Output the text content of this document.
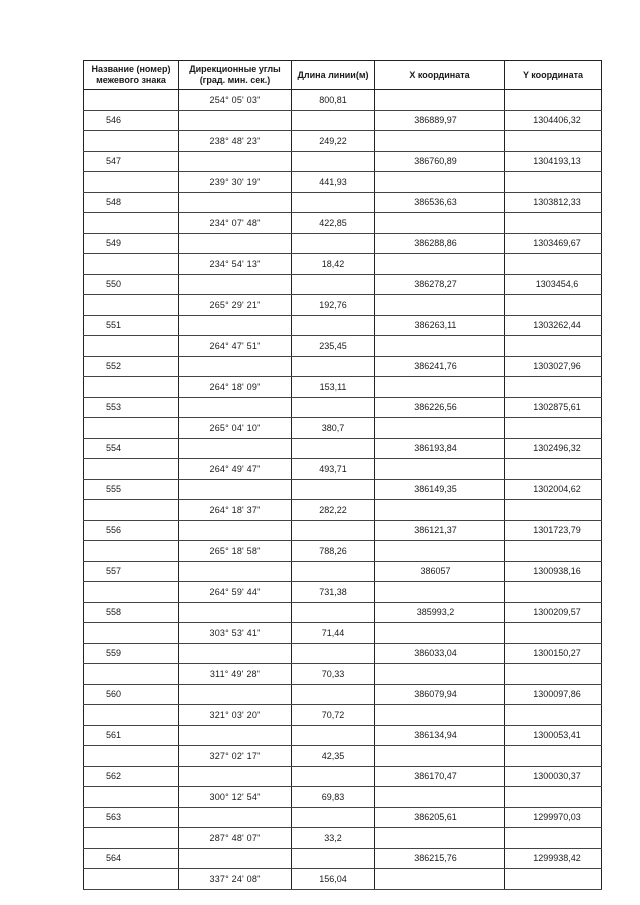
Название (номер) межевого знака	Дирекционные углы (град. мин. сек.)	Длина линии(м)	X координата	Y координата
	254° 05' 03"	800,81		
546			386889,97	1304406,32
	238° 48' 23"	249,22		
547			386760,89	1304193,13
	239° 30' 19"	441,93		
548			386536,63	1303812,33
	234° 07' 48"	422,85		
549			386288,86	1303469,67
	234° 54' 13"	18,42		
550			386278,27	1303454,6
	265° 29' 21"	192,76		
551			386263,11	1303262,44
	264° 47' 51"	235,45		
552			386241,76	1303027,96
	264° 18' 09"	153,11		
553			386226,56	1302875,61
	265° 04' 10"	380,7		
554			386193,84	1302496,32
	264° 49' 47"	493,71		
555			386149,35	1302004,62
	264° 18' 37"	282,22		
556			386121,37	1301723,79
	265° 18' 58"	788,26		
557			386057	1300938,16
	264° 59' 44"	731,38		
558			385993,2	1300209,57
	303° 53' 41"	71,44		
559			386033,04	1300150,27
	311° 49' 28"	70,33		
560			386079,94	1300097,86
	321° 03' 20"	70,72		
561			386134,94	1300053,41
	327° 02' 17"	42,35		
562			386170,47	1300030,37
	300° 12' 54"	69,83		
563			386205,61	1299970,03
	287° 48' 07"	33,2		
564			386215,76	1299938,42
	337° 24' 08"	156,04		
